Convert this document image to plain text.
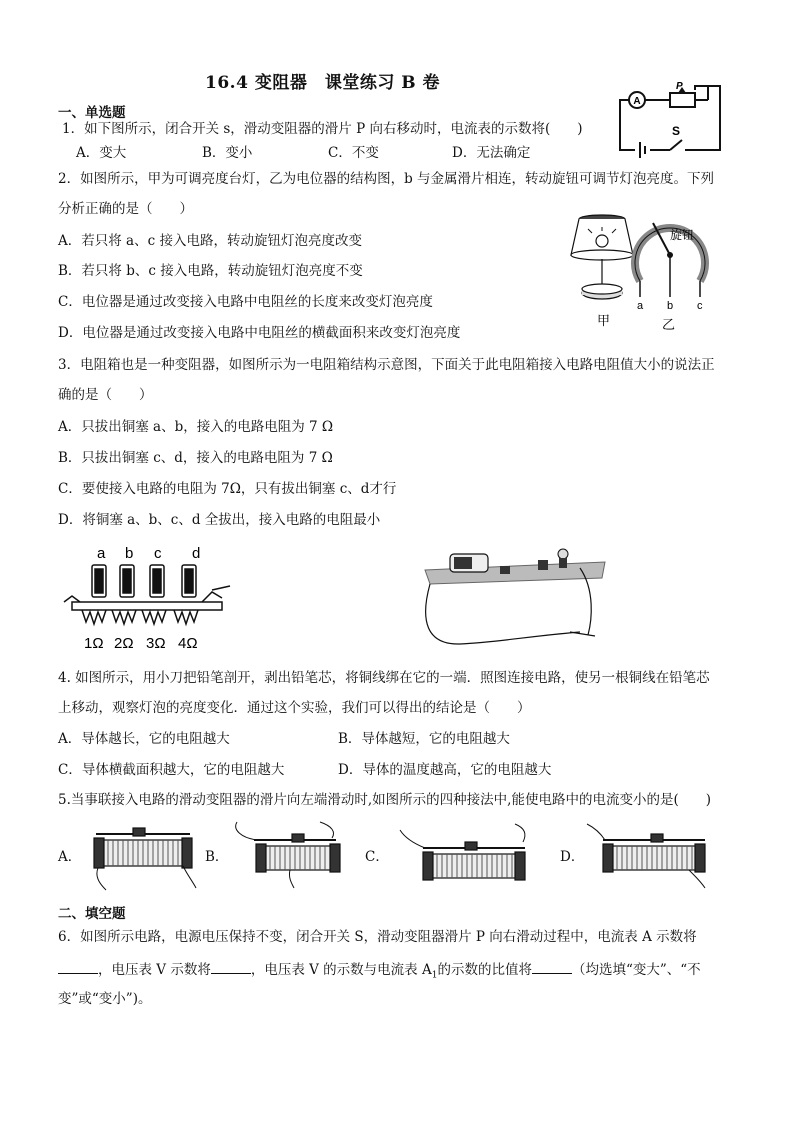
16.4 变阻器　课堂练习 B 卷
一、单选题
1．如下图所示，闭合开关 s，滑动变阻器的滑片 P 向右移动时，电流表的示数将(　　)
A．变大	B．变小	C．不变	D．无法确定
A
P
S
2．如图所示，甲为可调亮度台灯，乙为电位器的结构图，b 与金属滑片相连，转动旋钮可调节灯泡亮度。下列
分析正确的是（　　）
A．若只将 a、c 接入电路，转动旋钮灯泡亮度改变
B．若只将 b、c 接入电路，转动旋钮灯泡亮度不变
C．电位器是通过改变接入电路中电阻丝的长度来改变灯泡亮度
D．电位器是通过改变接入电路中电阻丝的横截面积来改变灯泡亮度
旋钮
a b c
甲	乙
3．电阻箱也是一种变阻器，如图所示为一电阻箱结构示意图，下面关于此电阻箱接入电路电阻值大小的说法正
确的是（　　）
A．只拔出铜塞 a、b，接入的电路电阻为 7 Ω
B．只拔出铜塞 c、d，接入的电路电阻为 7 Ω
C．要使接入电路的电阻为 7Ω，只有拔出铜塞 c、d才行
D．将铜塞 a、b、c、d 全拔出，接入电路的电阻最小
a b c d
1Ω 2Ω 3Ω 4Ω
4. 如图所示，用小刀把铅笔剖开，剥出铅笔芯，将铜线绑在它的一端．照图连接电路，使另一根铜线在铅笔芯
上移动，观察灯泡的亮度变化．通过这个实验，我们可以得出的结论是（　　）
A．导体越长，它的电阻越大	B．导体越短，它的电阻越大
C．导体横截面积越大，它的电阻越大	D．导体的温度越高，它的电阻越大
5.当事联接入电路的滑动变阻器的滑片向左端滑动时,如图所示的四种接法中,能使电路中的电流变小的是(　　)
A．	B．	C．	D．
二、填空题
6．如图所示电路，电源电压保持不变，闭合开关 S，滑动变阻器滑片 P 向右滑动过程中，电流表 A 示数将
，电压表 V 示数将	，电压表 V 的示数与电流表 $A_1$的示数的比值将	（均选填“变大”、“不
变”或“变小”)。
